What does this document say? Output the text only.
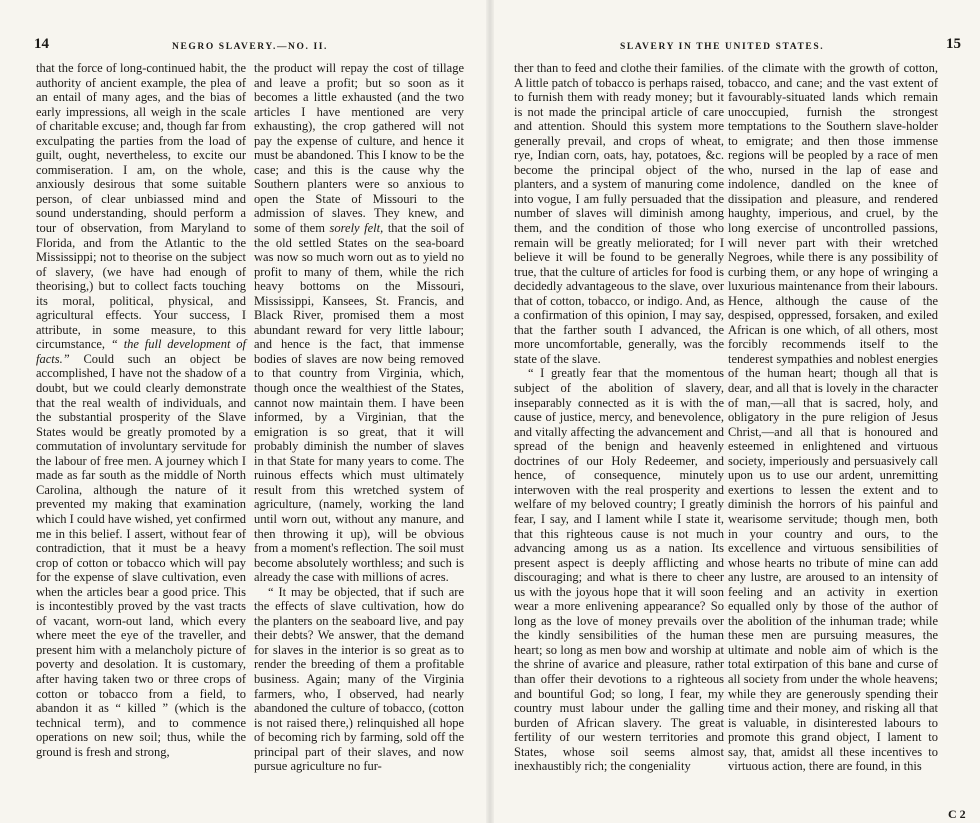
14	NEGRO SLAVERY.—NO. II.

that the force of long-continued habit, the authority of ancient example, the plea of an entail of many ages, and the bias of early impressions, all weigh in the scale of charitable excuse; and, though far from exculpating the parties from the load of guilt, ought, nevertheless, to excite our commiseration. I am, on the whole, anxiously desirous that some suitable person, of clear unbiassed mind and sound understanding, should perform a tour of observation, from Maryland to Florida, and from the Atlantic to the Mississippi; not to theorise on the subject of slavery, (we have had enough of theorising,) but to collect facts touching its moral, political, physical, and agricultural effects. Your success, I attribute, in some measure, to this circumstance, “ the full development of facts.” Could such an object be accomplished, I have not the shadow of a doubt, but we could clearly demonstrate that the real wealth of individuals, and the substantial prosperity of the Slave States would be greatly promoted by a commutation of involuntary servitude for the labour of free men. A journey which I made as far south as the middle of North Carolina, although the nature of it prevented my making that examination which I could have wished, yet confirmed me in this belief. I assert, without fear of contradiction, that it must be a heavy crop of cotton or tobacco which will pay for the expense of slave cultivation, even when the articles bear a good price. This is incontestibly proved by the vast tracts of vacant, worn-out land, which every where meet the eye of the traveller, and present him with a melancholy picture of poverty and desolation. It is customary, after having taken two or three crops of cotton or tobacco from a field, to abandon it as “ killed ” (which is the technical term), and to commence operations on new soil; thus, while the ground is fresh and strong,

the product will repay the cost of tillage and leave a profit; but so soon as it becomes a little exhausted (and the two articles I have mentioned are very exhausting), the crop gathered will not pay the expense of culture, and hence it must be abandoned. This I know to be the case; and this is the cause why the Southern planters were so anxious to open the State of Missouri to the admission of slaves. They knew, and some of them sorely felt, that the soil of the old settled States on the sea-board was now so much worn out as to yield no profit to many of them, while the rich heavy bottoms on the Missouri, Mississippi, Kansees, St. Francis, and Black River, promised them a most abundant reward for very little labour; and hence is the fact, that immense bodies of slaves are now being removed to that country from Virginia, which, though once the wealthiest of the States, cannot now maintain them. I have been informed, by a Virginian, that the emigration is so great, that it will probably diminish the number of slaves in that State for many years to come. The ruinous effects which must ultimately result from this wretched system of agriculture, (namely, working the land until worn out, without any manure, and then throwing it up), will be obvious from a moment's reflection. The soil must become absolutely worthless; and such is already the case with millions of acres.

“ It may be objected, that if such are the effects of slave cultivation, how do the planters on the seaboard live, and pay their debts? We answer, that the demand for slaves in the interior is so great as to render the breeding of them a profitable business. Again; many of the Virginia farmers, who, I observed, had nearly abandoned the culture of tobacco, (cotton is not raised there,) relinquished all hope of becoming rich by farming, sold off the principal part of their slaves, and now pursue agriculture no fur-

SLAVERY IN THE UNITED STATES.	15

ther than to feed and clothe their families. A little patch of tobacco is perhaps raised, to furnish them with ready money; but it is not made the principal article of care and attention. Should this system more generally prevail, and crops of wheat, rye, Indian corn, oats, hay, potatoes, &c. become the principal object of the planters, and a system of manuring come into vogue, I am fully persuaded that the number of slaves will diminish among them, and the condition of those who remain will be greatly meliorated; for I believe it will be found to be generally true, that the culture of articles for food is decidedly advantageous to the slave, over that of cotton, tobacco, or indigo. And, as a confirmation of this opinion, I may say, that the farther south I advanced, the more uncomfortable, generally, was the state of the slave.

“ I greatly fear that the momentous subject of the abolition of slavery, inseparably connected as it is with the cause of justice, mercy, and benevolence, and vitally affecting the advancement and spread of the benign and heavenly doctrines of our Holy Redeemer, and hence, of consequence, minutely interwoven with the real prosperity and welfare of my beloved country; I greatly fear, I say, and I lament while I state it, that this righteous cause is not much advancing among us as a nation. Its present aspect is deeply afflicting and discouraging; and what is there to cheer us with the joyous hope that it will soon wear a more enlivening appearance? So long as the love of money prevails over the kindly sensibilities of the human heart; so long as men bow and worship at the shrine of avarice and pleasure, rather than offer their devotions to a righteous and bountiful God; so long, I fear, my country must labour under the galling burden of African slavery. The great fertility of our western territories and States, whose soil seems almost inexhaustibly rich; the congeniality

of the climate with the growth of cotton, tobacco, and cane; and the vast extent of favourably-situated lands which remain unoccupied, furnish the strongest temptations to the Southern slave-holder to emigrate; and then those immense regions will be peopled by a race of men who, nursed in the lap of ease and indolence, dandled on the knee of dissipation and pleasure, and rendered haughty, imperious, and cruel, by the long exercise of uncontrolled passions, will never part with their wretched Negroes, while there is any possibility of curbing them, or any hope of wringing a luxurious maintenance from their labours. Hence, although the cause of the despised, oppressed, forsaken, and exiled African is one which, of all others, most forcibly recommends itself to the tenderest sympathies and noblest energies of the human heart; though all that is dear, and all that is lovely in the character of man,—all that is sacred, holy, and obligatory in the pure religion of Jesus Christ,—and all that is honoured and esteemed in enlightened and virtuous society, imperiously and persuasively call upon us to use our ardent, unremitting exertions to lessen the extent and to diminish the horrors of his painful and wearisome servitude; though men, both in your country and ours, to the excellence and virtuous sensibilities of whose hearts no tribute of mine can add any lustre, are aroused to an intensity of feeling and an activity in exertion equalled only by those of the author of the abolition of the inhuman trade; while these men are pursuing measures, the ultimate and noble aim of which is the total extirpation of this bane and curse of all society from under the whole heavens; while they are generously spending their time and their money, and risking all that is valuable, in disinterested labours to promote this grand object, I lament to say, that, amidst all these incentives to virtuous action, there are found, in this

C 2
